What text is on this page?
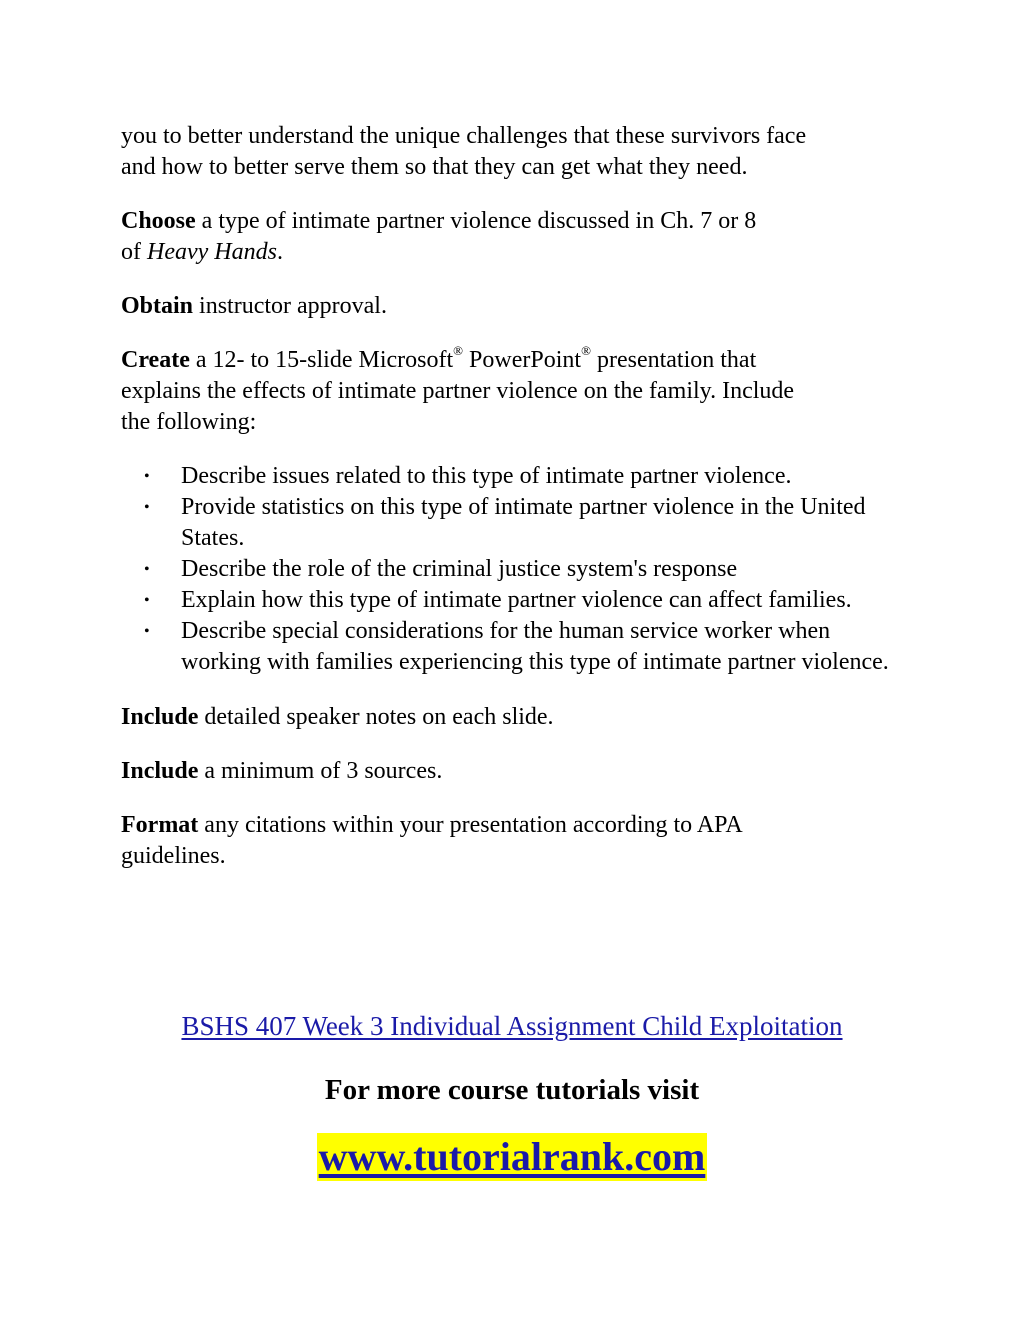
you to better understand the unique challenges that these survivors face
and how to better serve them so that they can get what they need.

Choose a type of intimate partner violence discussed in Ch. 7 or 8
of Heavy Hands.

Obtain instructor approval.

Create a 12- to 15-slide Microsoft® PowerPoint® presentation that
explains the effects of intimate partner violence on the family. Include
the following:

• Describe issues related to this type of intimate partner violence.
• Provide statistics on this type of intimate partner violence in the United States.
• Describe the role of the criminal justice system's response
• Explain how this type of intimate partner violence can affect families.
• Describe special considerations for the human service worker when working with families experiencing this type of intimate partner violence.

Include detailed speaker notes on each slide.

Include a minimum of 3 sources.

Format any citations within your presentation according to APA
guidelines.

BSHS 407 Week 3 Individual Assignment Child Exploitation
For more course tutorials visit
www.tutorialrank.com
